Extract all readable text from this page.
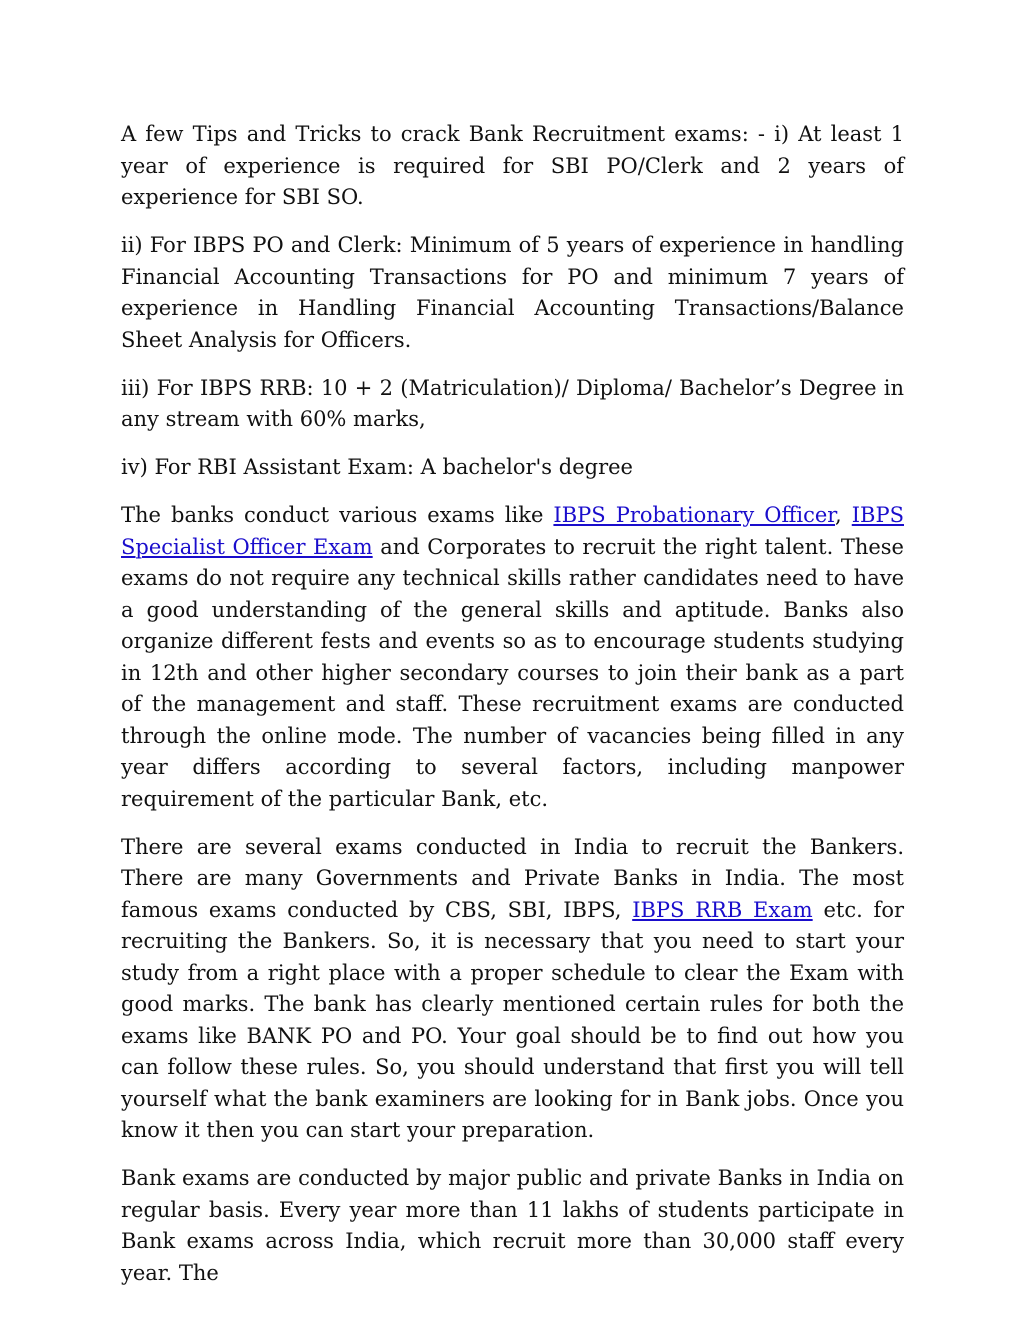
A few Tips and Tricks to crack Bank Recruitment exams: - i) At least 1 year of experience is required for SBI PO/Clerk and 2 years of experience for SBI SO.

ii) For IBPS PO and Clerk: Minimum of 5 years of experience in handling Financial Accounting Transactions for PO and minimum 7 years of experience in Handling Financial Accounting Transactions/Balance Sheet Analysis for Officers.

iii) For IBPS RRB: 10 + 2 (Matriculation)/ Diploma/ Bachelor’s Degree in any stream with 60% marks,

iv) For RBI Assistant Exam: A bachelor's degree

The banks conduct various exams like IBPS Probationary Officer, IBPS Specialist Officer Exam and Corporates to recruit the right talent. These exams do not require any technical skills rather candidates need to have a good understanding of the general skills and aptitude. Banks also organize different fests and events so as to encourage students studying in 12th and other higher secondary courses to join their bank as a part of the management and staff. These recruitment exams are conducted through the online mode. The number of vacancies being filled in any year differs according to several factors, including manpower requirement of the particular Bank, etc.

There are several exams conducted in India to recruit the Bankers. There are many Governments and Private Banks in India. The most famous exams conducted by CBS, SBI, IBPS, IBPS RRB Exam etc. for recruiting the Bankers. So, it is necessary that you need to start your study from a right place with a proper schedule to clear the Exam with good marks. The bank has clearly mentioned certain rules for both the exams like BANK PO and PO. Your goal should be to find out how you can follow these rules. So, you should understand that first you will tell yourself what the bank examiners are looking for in Bank jobs. Once you know it then you can start your preparation.

Bank exams are conducted by major public and private Banks in India on regular basis. Every year more than 11 lakhs of students participate in Bank exams across India, which recruit more than 30,000 staff every year. The
